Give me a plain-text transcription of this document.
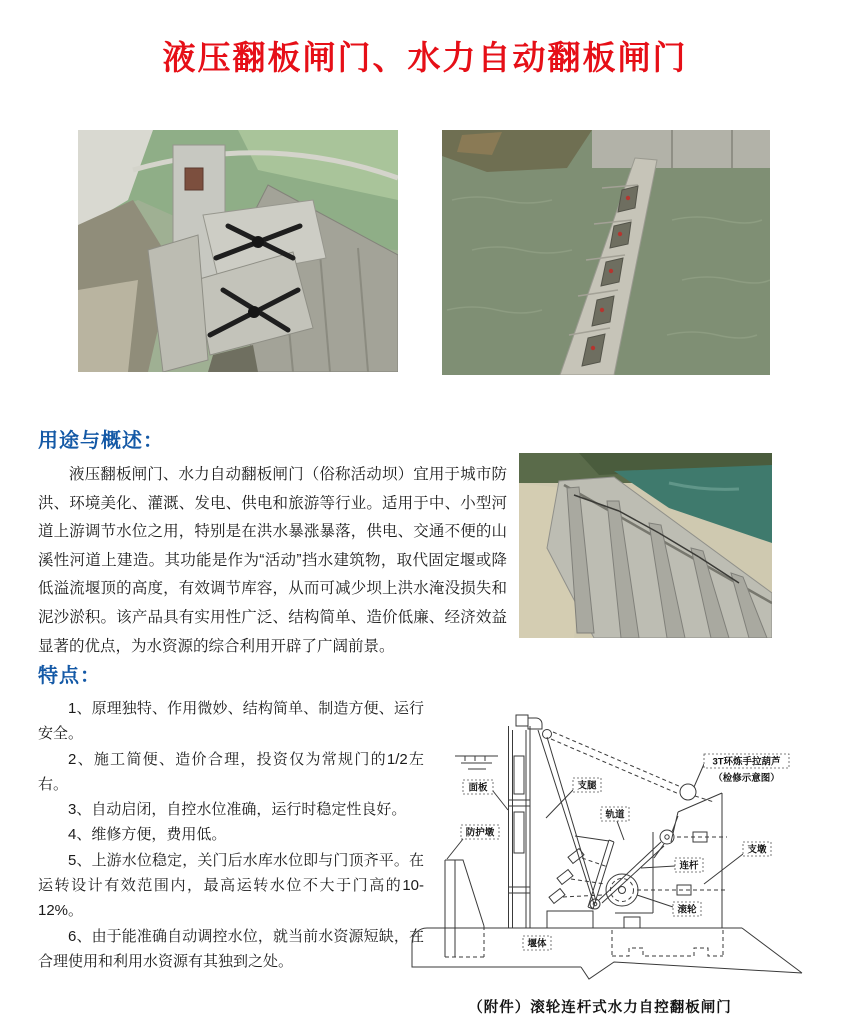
液压翻板闸门、水力自动翻板闸门
用途与概述：
液压翻板闸门、水力自动翻板闸门（俗称活动坝）宜用于城市防洪、环境美化、灌溉、发电、供电和旅游等行业。适用于中、小型河道上游调节水位之用，特别是在洪水暴涨暴落，供电、交通不便的山溪性河道上建造。其功能是作为“活动”挡水建筑物，取代固定堰或降低溢流堰顶的高度，有效调节库容，从而可减少坝上洪水淹没损失和泥沙淤积。该产品具有实用性广泛、结构简单、造价低廉、经济效益显著的优点，为水资源的综合利用开辟了广阔前景。
特点：

1、原理独特、作用微妙、结构简单、制造方便、运行安全。

2、施工简便、造价合理，投资仅为常规门的1/2左右。

3、自动启闭，自控水位准确，运行时稳定性良好。

4、维修方便，费用低。

5、上游水位稳定，关门后水库水位即与门顶齐平。在运转设计有效范围内，最高运转水位不大于门高的10-12%。

6、由于能准确自动调控水位，就当前水资源短缺，在合理使用和利用水资源有其独到之处。

面板
防护墩
支腿
轨道
3T环炼手拉葫芦
（检修示意图）
连杆
支墩
滚轮
堰体
（附件）滚轮连杆式水力自控翻板闸门
